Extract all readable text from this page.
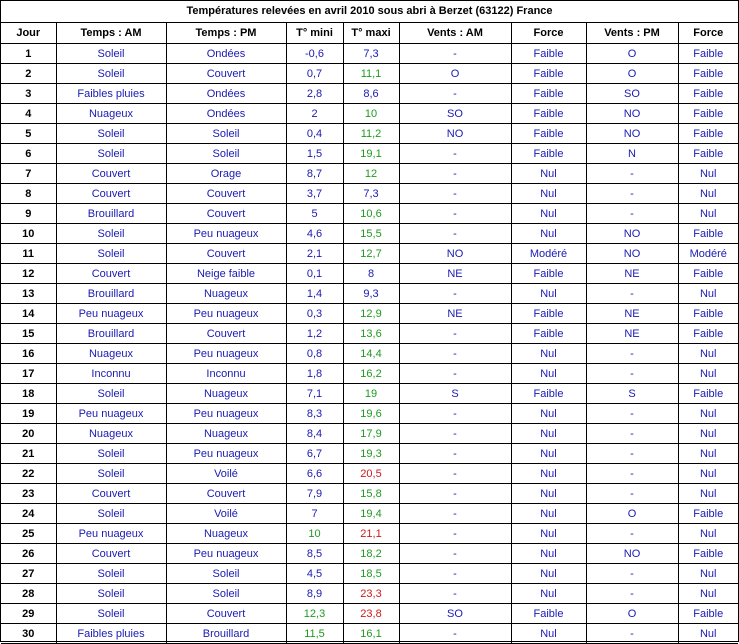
Températures relevées en avril 2010 sous abri à Berzet (63122) France
Jour	Temps : AM	Temps : PM	T° mini	T° maxi	Vents : AM	Force	Vents : PM	Force
1	Soleil	Ondées	-0,6	7,3	-	Faible	O	Faible
2	Soleil	Couvert	0,7	11,1	O	Faible	O	Faible
3	Faibles pluies	Ondées	2,8	8,6	-	Faible	SO	Faible
4	Nuageux	Ondées	2	10	SO	Faible	NO	Faible
5	Soleil	Soleil	0,4	11,2	NO	Faible	NO	Faible
6	Soleil	Soleil	1,5	19,1	-	Faible	N	Faible
7	Couvert	Orage	8,7	12	-	Nul	-	Nul
8	Couvert	Couvert	3,7	7,3	-	Nul	-	Nul
9	Brouillard	Couvert	5	10,6	-	Nul	-	Nul
10	Soleil	Peu nuageux	4,6	15,5	-	Nul	NO	Faible
11	Soleil	Couvert	2,1	12,7	NO	Modéré	NO	Modéré
12	Couvert	Neige faible	0,1	8	NE	Faible	NE	Faible
13	Brouillard	Nuageux	1,4	9,3	-	Nul	-	Nul
14	Peu nuageux	Peu nuageux	0,3	12,9	NE	Faible	NE	Faible
15	Brouillard	Couvert	1,2	13,6	-	Faible	NE	Faible
16	Nuageux	Peu nuageux	0,8	14,4	-	Nul	-	Nul
17	Inconnu	Inconnu	1,8	16,2	-	Nul	-	Nul
18	Soleil	Nuageux	7,1	19	S	Faible	S	Faible
19	Peu nuageux	Peu nuageux	8,3	19,6	-	Nul	-	Nul
20	Nuageux	Nuageux	8,4	17,9	-	Nul	-	Nul
21	Soleil	Peu nuageux	6,7	19,3	-	Nul	-	Nul
22	Soleil	Voilé	6,6	20,5	-	Nul	-	Nul
23	Couvert	Couvert	7,9	15,8	-	Nul	-	Nul
24	Soleil	Voilé	7	19,4	-	Nul	O	Faible
25	Peu nuageux	Nuageux	10	21,1	-	Nul	-	Nul
26	Couvert	Peu nuageux	8,5	18,2	-	Nul	NO	Faible
27	Soleil	Soleil	4,5	18,5	-	Nul	-	Nul
28	Soleil	Soleil	8,9	23,3	-	Nul	-	Nul
29	Soleil	Couvert	12,3	23,8	SO	Faible	O	Faible
30	Faibles pluies	Brouillard	11,5	16,1	-	Nul	-	Nul
